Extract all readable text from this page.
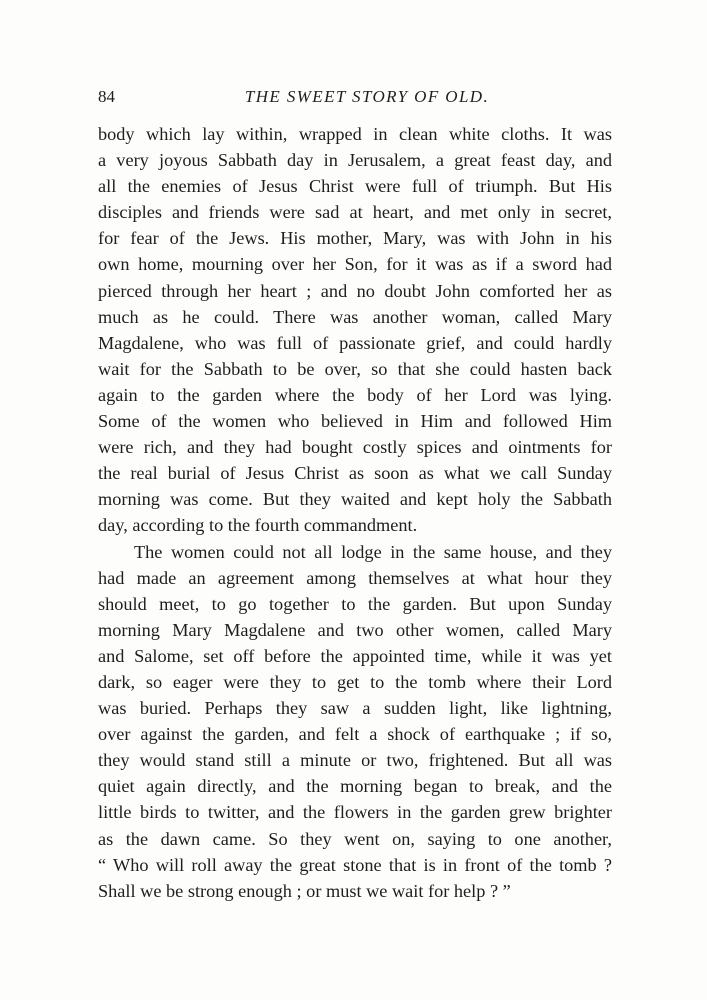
84	THE SWEET STORY OF OLD.
body which lay within, wrapped in clean white cloths. It was
a very joyous Sabbath day in Jerusalem, a great feast day, and
all the enemies of Jesus Christ were full of triumph. But His
disciples and friends were sad at heart, and met only in secret,
for fear of the Jews. His mother, Mary, was with John in his
own home, mourning over her Son, for it was as if a sword had
pierced through her heart ; and no doubt John comforted her as
much as he could. There was another woman, called Mary
Magdalene, who was full of passionate grief, and could hardly
wait for the Sabbath to be over, so that she could hasten back
again to the garden where the body of her Lord was lying.
Some of the women who believed in Him and followed Him
were rich, and they had bought costly spices and ointments for
the real burial of Jesus Christ as soon as what we call Sunday
morning was come. But they waited and kept holy the Sabbath
day, according to the fourth commandment.
The women could not all lodge in the same house, and they
had made an agreement among themselves at what hour they
should meet, to go together to the garden. But upon Sunday
morning Mary Magdalene and two other women, called Mary
and Salome, set off before the appointed time, while it was yet
dark, so eager were they to get to the tomb where their Lord
was buried. Perhaps they saw a sudden light, like lightning,
over against the garden, and felt a shock of earthquake ; if so,
they would stand still a minute or two, frightened. But all was
quiet again directly, and the morning began to break, and the
little birds to twitter, and the flowers in the garden grew brighter
as the dawn came. So they went on, saying to one another,
“ Who will roll away the great stone that is in front of the tomb ?
Shall we be strong enough ; or must we wait for help ? ”
